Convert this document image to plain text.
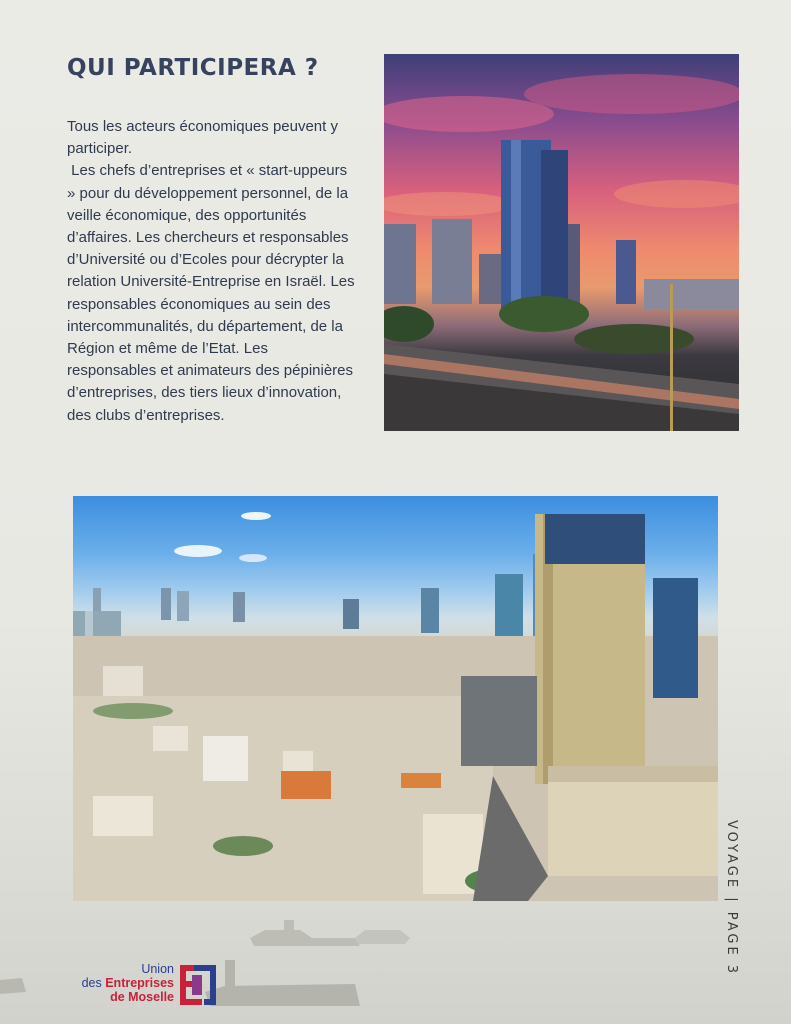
QUI PARTICIPERA ?

Tous les acteurs économiques peuvent y participer.

Les chefs d’entreprises et « start-uppeurs » pour du développement personnel, de la veille économique, des opportunités d’affaires. Les chercheurs et responsables d’Université ou d’Ecoles pour décrypter la relation Université-Entreprise en Israël. Les responsables économiques au sein des intercommunalités, du département, de la Région et même de l’Etat. Les responsables et animateurs des pépinières d’entreprises, des tiers lieux d’innovation, des clubs d’entreprises.

VOYAGE | PAGE 3
Union
des Entreprises
de Moselle
